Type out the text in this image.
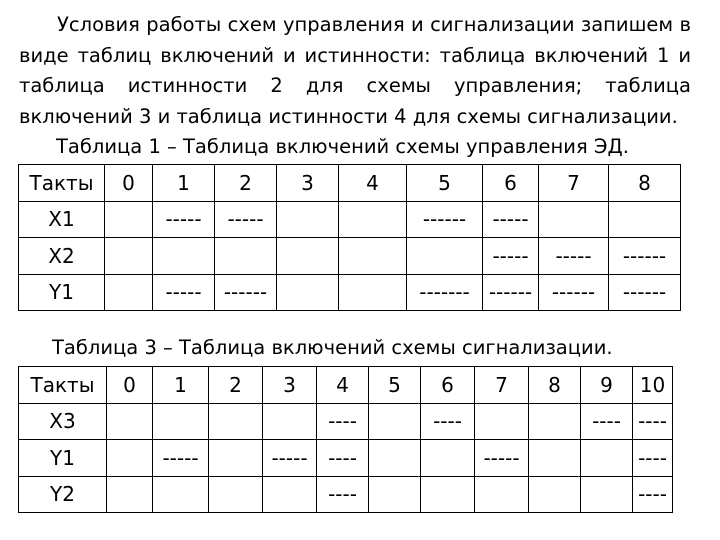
Условия работы схем управления и сигнализации запишем в виде таблиц включений и истинности: таблица включений 1 и таблица истинности 2 для схемы управления; таблица включений 3 и таблица истинности 4 для схемы сигнализации.
Таблица 1 – Таблица включений схемы управления ЭД.
Такты	0	1	2	3	4	5	6	7	8
X1		-----	-----			------	-----		
X2							-----	-----	------
Y1		-----	------			-------	------	------	------
Таблица 3 – Таблица включений схемы сигнализации.
Такты	0	1	2	3	4	5	6	7	8	9	10
X3					----		----			----	----
Y1		-----		-----	----			-----			----
Y2					----						----
